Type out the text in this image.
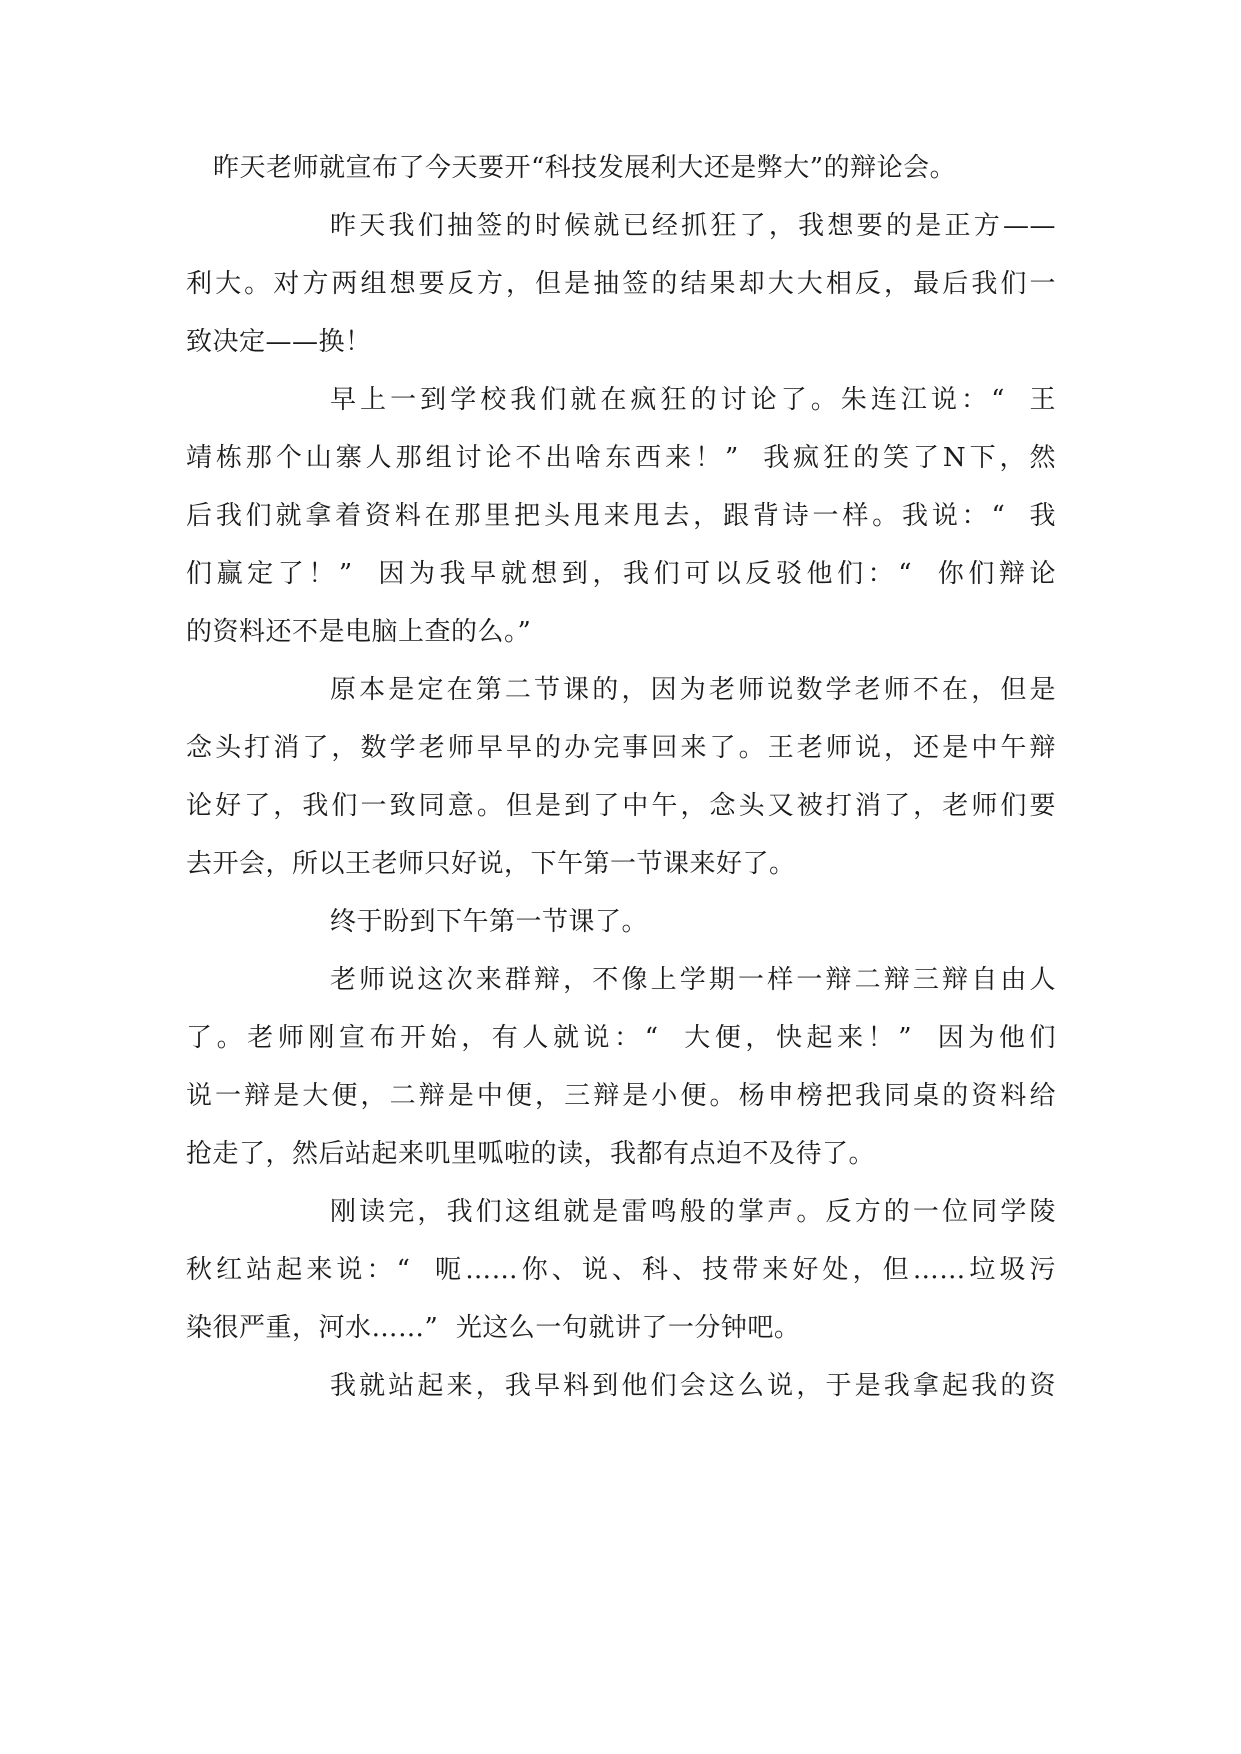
昨天老师就宣布了今天要开“科技发展利大还是弊大”的辩论会。
昨天我们抽签的时候就已经抓狂了，我想要的是正方——
利大。对方两组想要反方，但是抽签的结果却大大相反，最后我们一
致决定——换！
早上一到学校我们就在疯狂的讨论了。朱连江说：“  王
靖栋那个山寨人那组讨论不出啥东西来！”  我疯狂的笑了N下，然
后我们就拿着资料在那里把头甩来甩去，跟背诗一样。我说：“  我
们赢定了！”  因为我早就想到，我们可以反驳他们：“  你们辩论
的资料还不是电脑上查的么。”
原本是定在第二节课的，因为老师说数学老师不在，但是
念头打消了，数学老师早早的办完事回来了。王老师说，还是中午辩
论好了，我们一致同意。但是到了中午，念头又被打消了，老师们要
去开会，所以王老师只好说，下午第一节课来好了。
终于盼到下午第一节课了。
老师说这次来群辩，不像上学期一样一辩二辩三辩自由人
了。老师刚宣布开始，有人就说：“  大便，快起来！”  因为他们
说一辩是大便，二辩是中便，三辩是小便。杨申榜把我同桌的资料给
抢走了，然后站起来叽里呱啦的读，我都有点迫不及待了。
刚读完，我们这组就是雷鸣般的掌声。反方的一位同学陵
秋红站起来说：“  呃……你、说、科、技带来好处，但……垃圾污
染很严重，河水……”  光这么一句就讲了一分钟吧。
我就站起来，我早料到他们会这么说，于是我拿起我的资
